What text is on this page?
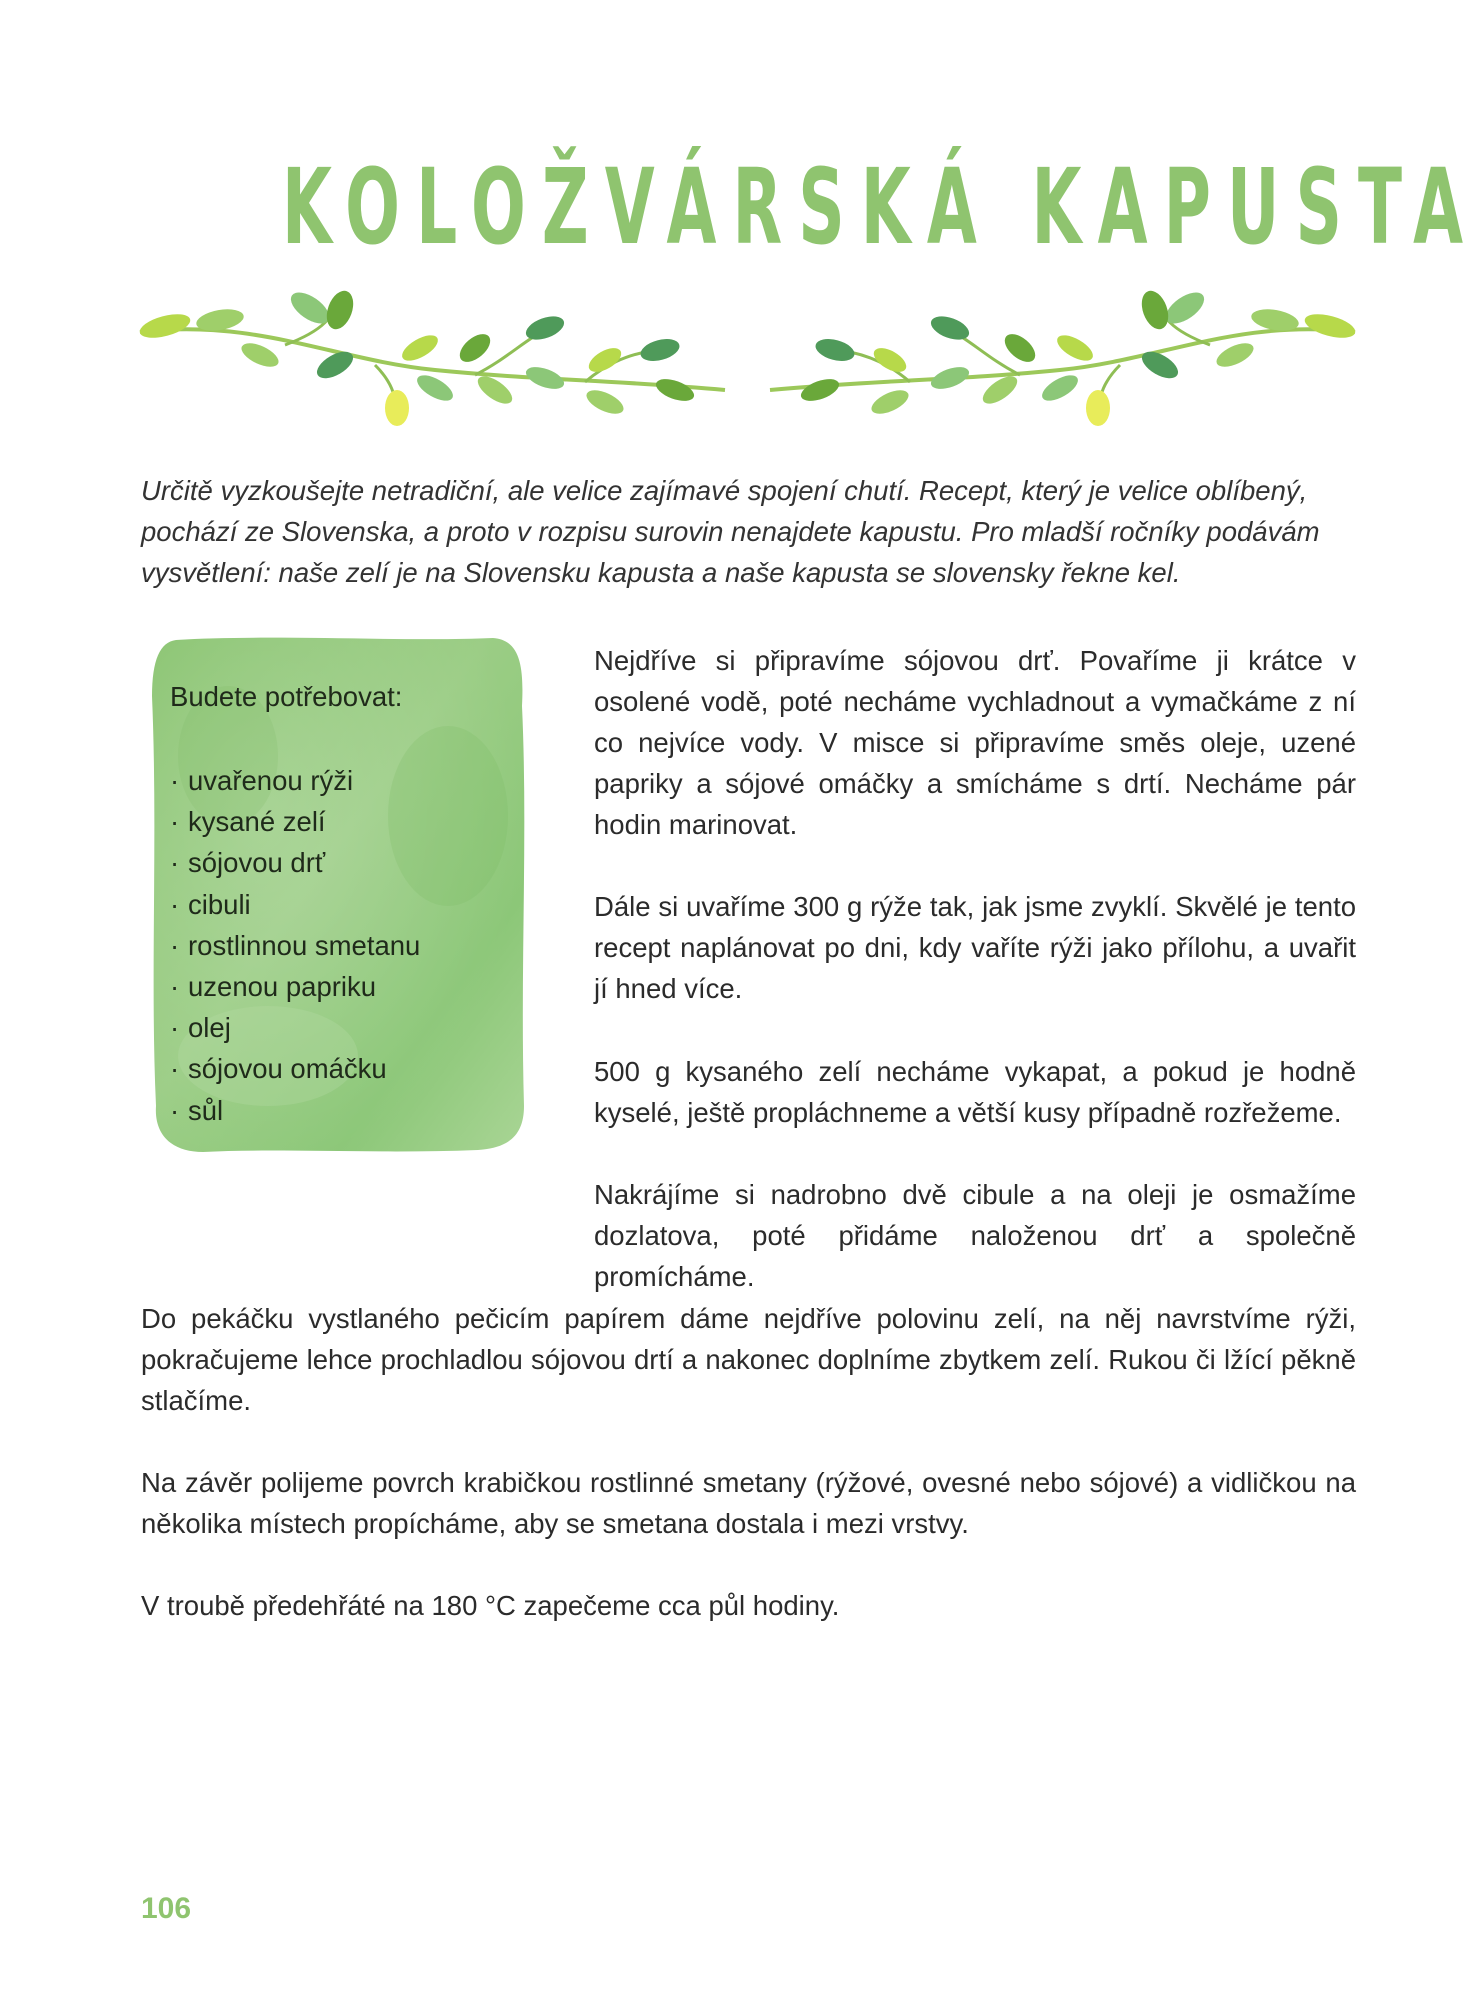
KOLOŽVÁRSKÁ KAPUSTA

Určitě vyzkoušejte netradiční, ale velice zajímavé spojení chutí. Recept, který je velice oblíbený, pochází ze Slovenska, a proto v rozpisu surovin nenajdete kapustu. Pro mladší ročníky podávám vysvětlení: naše zelí je na Slovensku kapusta a naše kapusta se slovensky řekne kel.

Budete potřebovat:
· uvařenou rýži
· kysané zelí
· sójovou drť
· cibuli
· rostlinnou smetanu
· uzenou papriku
· olej
· sójovou omáčku
· sůl

Nejdříve si připravíme sójovou drť. Povaříme ji krátce v osolené vodě, poté necháme vychladnout a vymačkáme z ní co nejvíce vody. V misce si připravíme směs oleje, uzené papriky a sójové omáčky a smícháme s drtí. Necháme pár hodin marinovat.

Dále si uvaříme 300 g rýže tak, jak jsme zvyklí. Skvělé je tento recept naplánovat po dni, kdy vaříte rýži jako přílohu, a uvařit jí hned více.

500 g kysaného zelí necháme vykapat, a pokud je hodně kyselé, ještě propláchneme a větší kusy případně rozřežeme.

Nakrájíme si nadrobno dvě cibule a na oleji je osmažíme dozlatova, poté přidáme naloženou drť a společně promícháme.

Do pekáčku vystlaného pečicím papírem dáme nejdříve polovinu zelí, na něj navrstvíme rýži, pokračujeme lehce prochladlou sójovou drtí a nakonec doplníme zbytkem zelí. Rukou či lžící pěkně stlačíme.

Na závěr polijeme povrch krabičkou rostlinné smetany (rýžové, ovesné nebo sójové) a vidličkou na několika místech propícháme, aby se smetana dostala i mezi vrstvy.

V troubě předehřáté na 180 °C zapečeme cca půl hodiny.

106
